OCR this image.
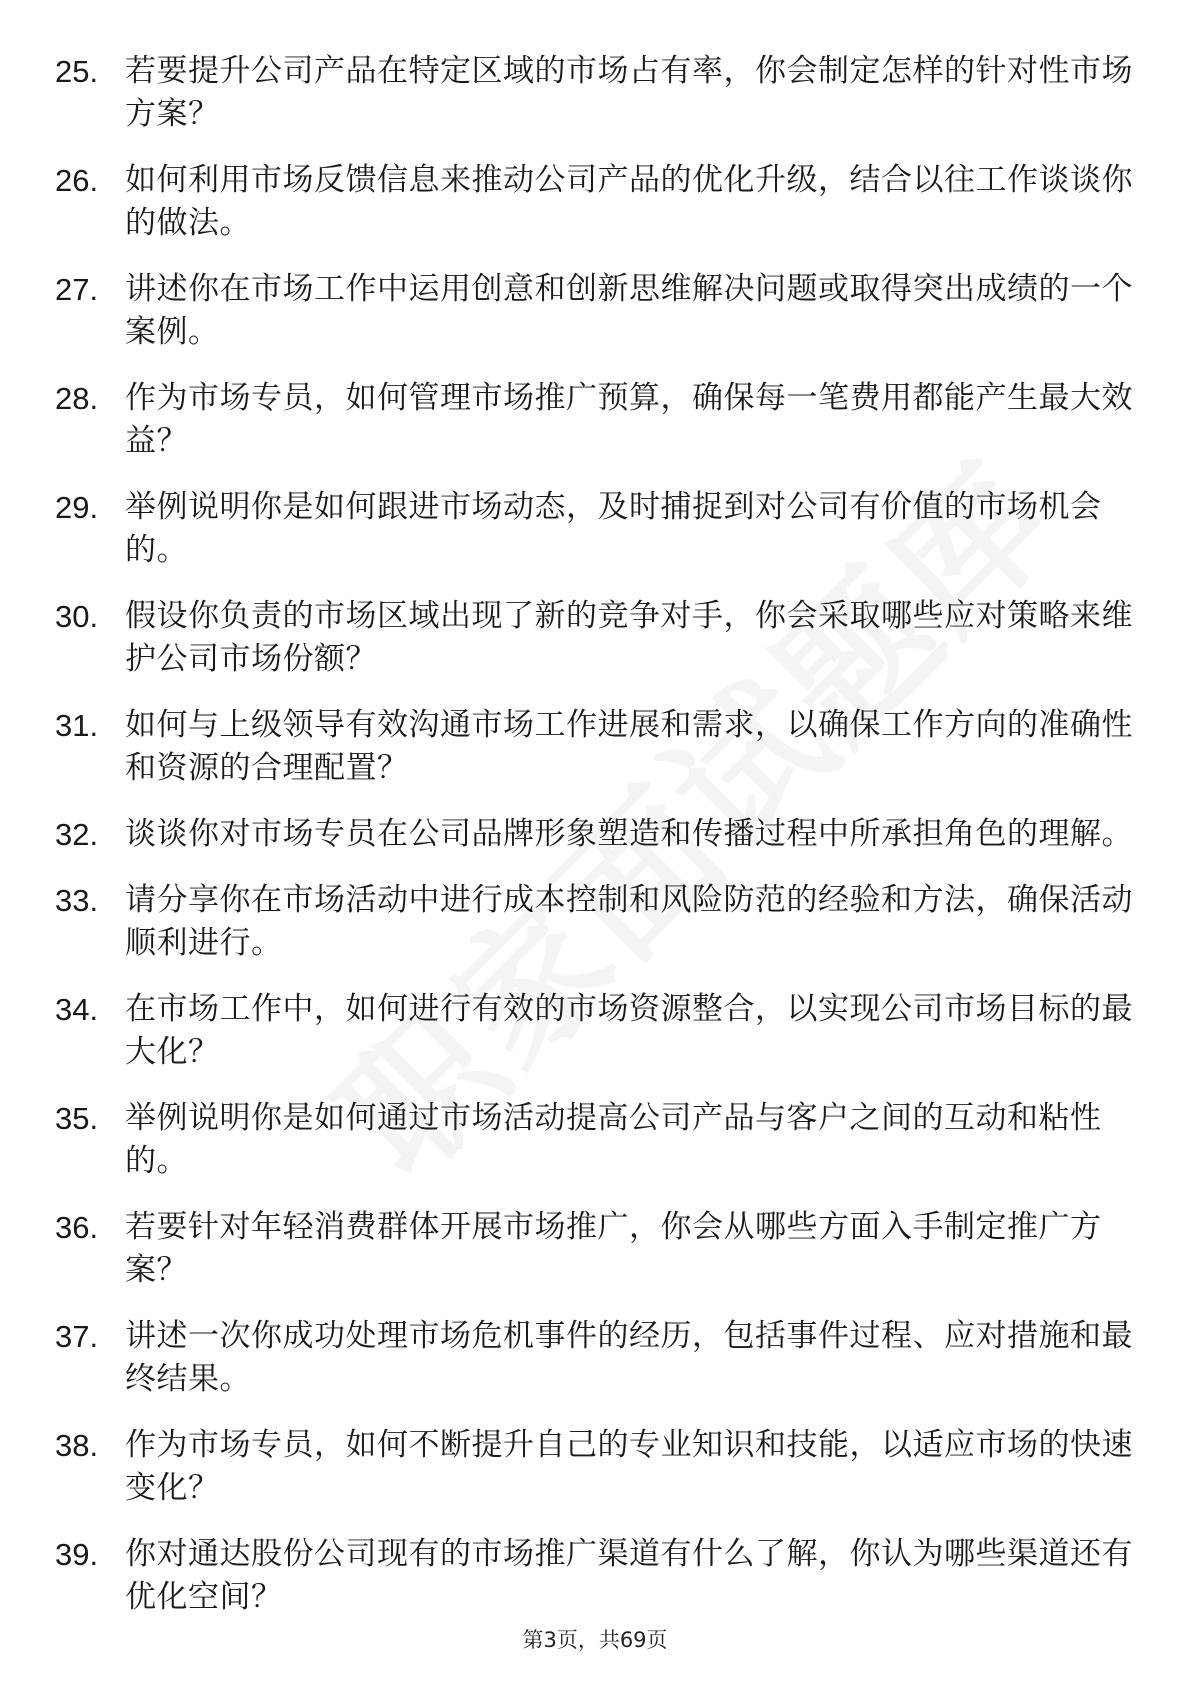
25. 若要提升公司产品在特定区域的市场占有率，你会制定怎样的针对性市场方案？
26. 如何利用市场反馈信息来推动公司产品的优化升级，结合以往工作谈谈你的做法。
27. 讲述你在市场工作中运用创意和创新思维解决问题或取得突出成绩的一个案例。
28. 作为市场专员，如何管理市场推广预算，确保每一笔费用都能产生最大效益？
29. 举例说明你是如何跟进市场动态，及时捕捉到对公司有价值的市场机会的。
30. 假设你负责的市场区域出现了新的竞争对手，你会采取哪些应对策略来维护公司市场份额？
31. 如何与上级领导有效沟通市场工作进展和需求，以确保工作方向的准确性和资源的合理配置？
32. 谈谈你对市场专员在公司品牌形象塑造和传播过程中所承担角色的理解。
33. 请分享你在市场活动中进行成本控制和风险防范的经验和方法，确保活动顺利进行。
34. 在市场工作中，如何进行有效的市场资源整合，以实现公司市场目标的最大化？
35. 举例说明你是如何通过市场活动提高公司产品与客户之间的互动和粘性的。
36. 若要针对年轻消费群体开展市场推广，你会从哪些方面入手制定推广方案？
37. 讲述一次你成功处理市场危机事件的经历，包括事件过程、应对措施和最终结果。
38. 作为市场专员，如何不断提升自己的专业知识和技能，以适应市场的快速变化？
39. 你对通达股份公司现有的市场推广渠道有什么了解，你认为哪些渠道还有优化空间？
第3页，共69页
